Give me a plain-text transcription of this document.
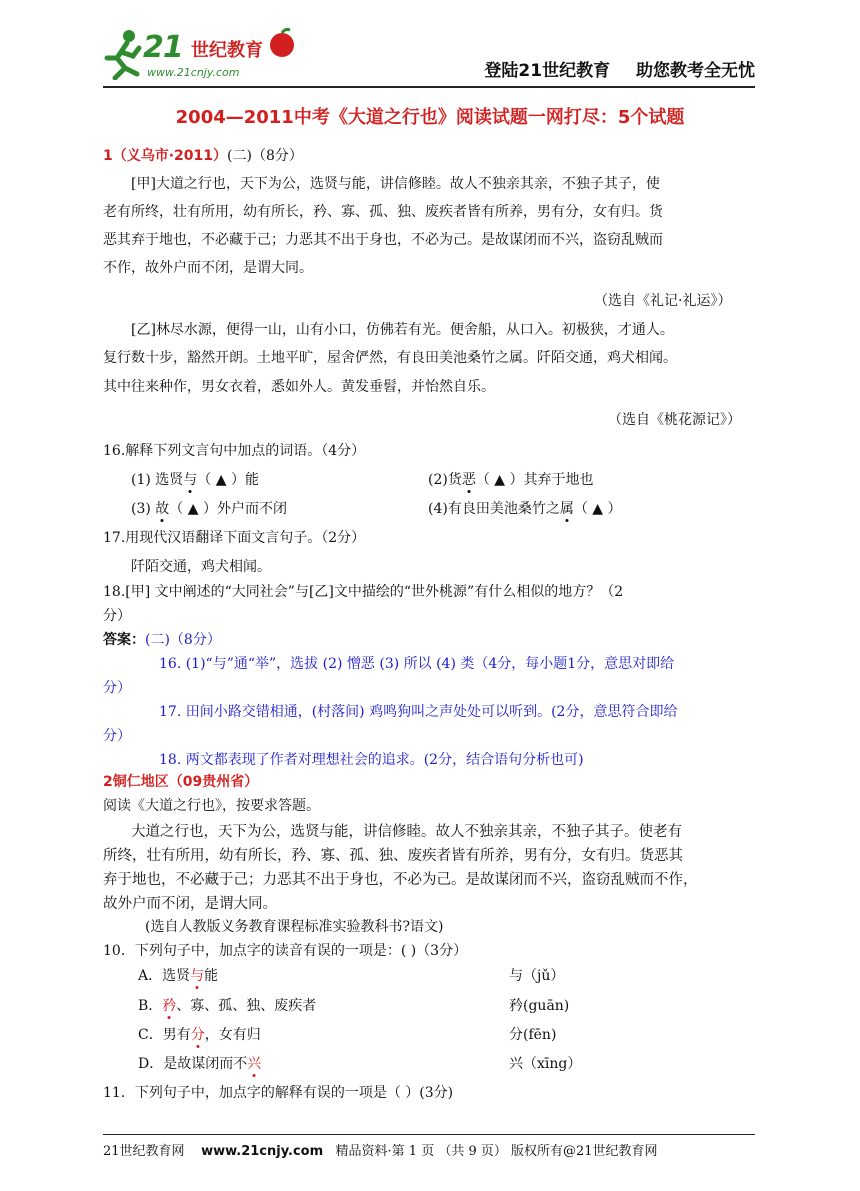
21 世纪教育
www.21cnjy.com	登陆21世纪教育 助您教考全无忧
2004—2011中考《大道之行也》阅读试题一网打尽：5个试题
1（义乌市·2011）(二)（8分）
[甲]大道之行也，天下为公，选贤与能，讲信修睦。故人不独亲其亲，不独子其子，使
老有所终，壮有所用，幼有所长，矜、寡、孤、独、废疾者皆有所养，男有分，女有归。货
恶其弃于地也，不必藏于己；力恶其不出于身也，不必为己。是故谋闭而不兴，盗窃乱贼而
不作，故外户而不闭，是谓大同。
（选自《礼记·礼运》）
[乙]林尽水源，便得一山，山有小口，仿佛若有光。便舍船，从口入。初极狭，才通人。
复行数十步，豁然开朗。土地平旷，屋舍俨然，有良田美池桑竹之属。阡陌交通，鸡犬相闻。
其中往来种作，男女衣着，悉如外人。黄发垂髫，并怡然自乐。
（选自《桃花源记》）
16.解释下列文言句中加点的词语。（4分）
(1) 选贤与（ ▲ ）能	(2)货恶（ ▲ ）其弃于地也
(3) 故（ ▲ ）外户而不闭	(4)有良田美池桑竹之属（ ▲ ）
17.用现代汉语翻译下面文言句子。（2分）
阡陌交通，鸡犬相闻。
18.[甲] 文中阐述的“大同社会”与[乙]文中描绘的“世外桃源”有什么相似的地方？（2
分）
答案：(二)（8分）
16. (1)“与”通“举”，选拔 (2) 憎恶 (3) 所以 (4) 类（4分，每小题1分，意思对即给
分）
17. 田间小路交错相通，(村落间) 鸡鸣狗叫之声处处可以听到。(2分，意思符合即给
分）
18. 两文都表现了作者对理想社会的追求。(2分，结合语句分析也可)
2铜仁地区（09贵州省）
阅读《大道之行也》，按要求答题。
大道之行也，天下为公，选贤与能，讲信修睦。故人不独亲其亲，不独子其子。使老有
所终，壮有所用，幼有所长，矜、寡、孤、独、废疾者皆有所养，男有分，女有归。货恶其
弃于地也，不必藏于己；力恶其不出于身也，不必为己。是故谋闭而不兴，盗窃乱贼而不作，
故外户而不闭，是谓大同。
(选自人教版义务教育课程标准实验教科书?语文)
10．下列句子中，加点字的读音有误的一项是：( )（3分）
A．选贤与能	与（jǔ）
B．矜、寡、孤、独、废疾者	矜(guān)
C．男有分，女有归	分(fēn)
D．是故谋闭而不兴	兴（xīng）
11．下列句子中，加点字的解释有误的一项是（ ）(3分)
21世纪教育网 www.21cnjy.com 精品资料·第 1 页 （共 9 页） 版权所有@21世纪教育网
